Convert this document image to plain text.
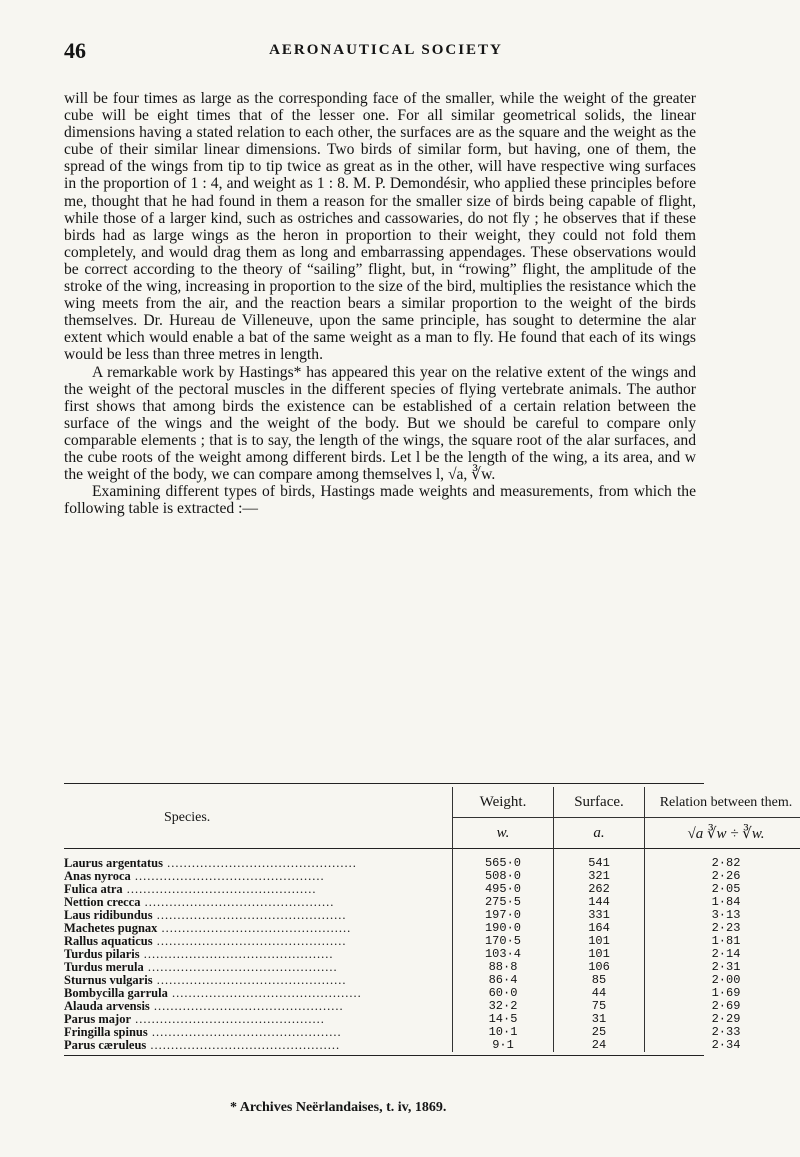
46	AERONAUTICAL SOCIETY

will be four times as large as the corresponding face of the smaller, while the weight of the greater cube will be eight times that of the lesser one. For all similar geometrical solids, the linear dimensions having a stated relation to each other, the surfaces are as the square and the weight as the cube of their similar linear dimensions. Two birds of similar form, but having, one of them, the spread of the wings from tip to tip twice as great as in the other, will have respective wing surfaces in the proportion of 1 : 4, and weight as 1 : 8. M. P. Demondésir, who applied these principles before me, thought that he had found in them a reason for the smaller size of birds being capable of flight, while those of a larger kind, such as ostriches and cassowaries, do not fly ; he observes that if these birds had as large wings as the heron in proportion to their weight, they could not fold them completely, and would drag them as long and embarrassing appendages. These observations would be correct according to the theory of “sailing” flight, but, in “rowing” flight, the amplitude of the stroke of the wing, increasing in proportion to the size of the bird, multiplies the resistance which the wing meets from the air, and the reaction bears a similar proportion to the weight of the birds themselves. Dr. Hureau de Villeneuve, upon the same principle, has sought to determine the alar extent which would enable a bat of the same weight as a man to fly. He found that each of its wings would be less than three metres in length.

A remarkable work by Hastings* has appeared this year on the relative extent of the wings and the weight of the pectoral muscles in the different species of flying vertebrate animals. The author first shows that among birds the existence can be established of a certain relation between the surface of the wings and the weight of the body. But we should be careful to compare only comparable elements ; that is to say, the length of the wings, the square root of the alar surfaces, and the cube roots of the weight among different birds. Let l be the length of the wing, a its area, and w the weight of the body, we can compare among themselves l, √a, ∛w.

Examining different types of birds, Hastings made weights and measurements, from which the following table is extracted :—

Species.	Weight.	Surface.	Relation between them.
	w.	a.	√a ∛w ÷ ∛w.
Laurus argentatus .....	565·0	541	2·82
Anas nyroca .....	508·0	321	2·26
Fulica atra .....	495·0	262	2·05
Nettion crecca .....	275·5	144	1·84
Laus ridibundus .....	197·0	331	3·13
Machetes pugnax .....	190·0	164	2·23
Rallus aquaticus .....	170·5	101	1·81
Turdus pilaris .....	103·4	101	2·14
Turdus merula .....	88·8	106	2·31
Sturnus vulgaris .....	86·4	85	2·00
Bombycilla garrula .....	60·0	44	1·69
Alauda arvensis .....	32·2	75	2·69
Parus major .....	14·5	31	2·29
Fringilla spinus .....	10·1	25	2·33
Parus cæruleus .....	9·1	24	2·34
* Archives Neërlandaises, t. iv, 1869.
